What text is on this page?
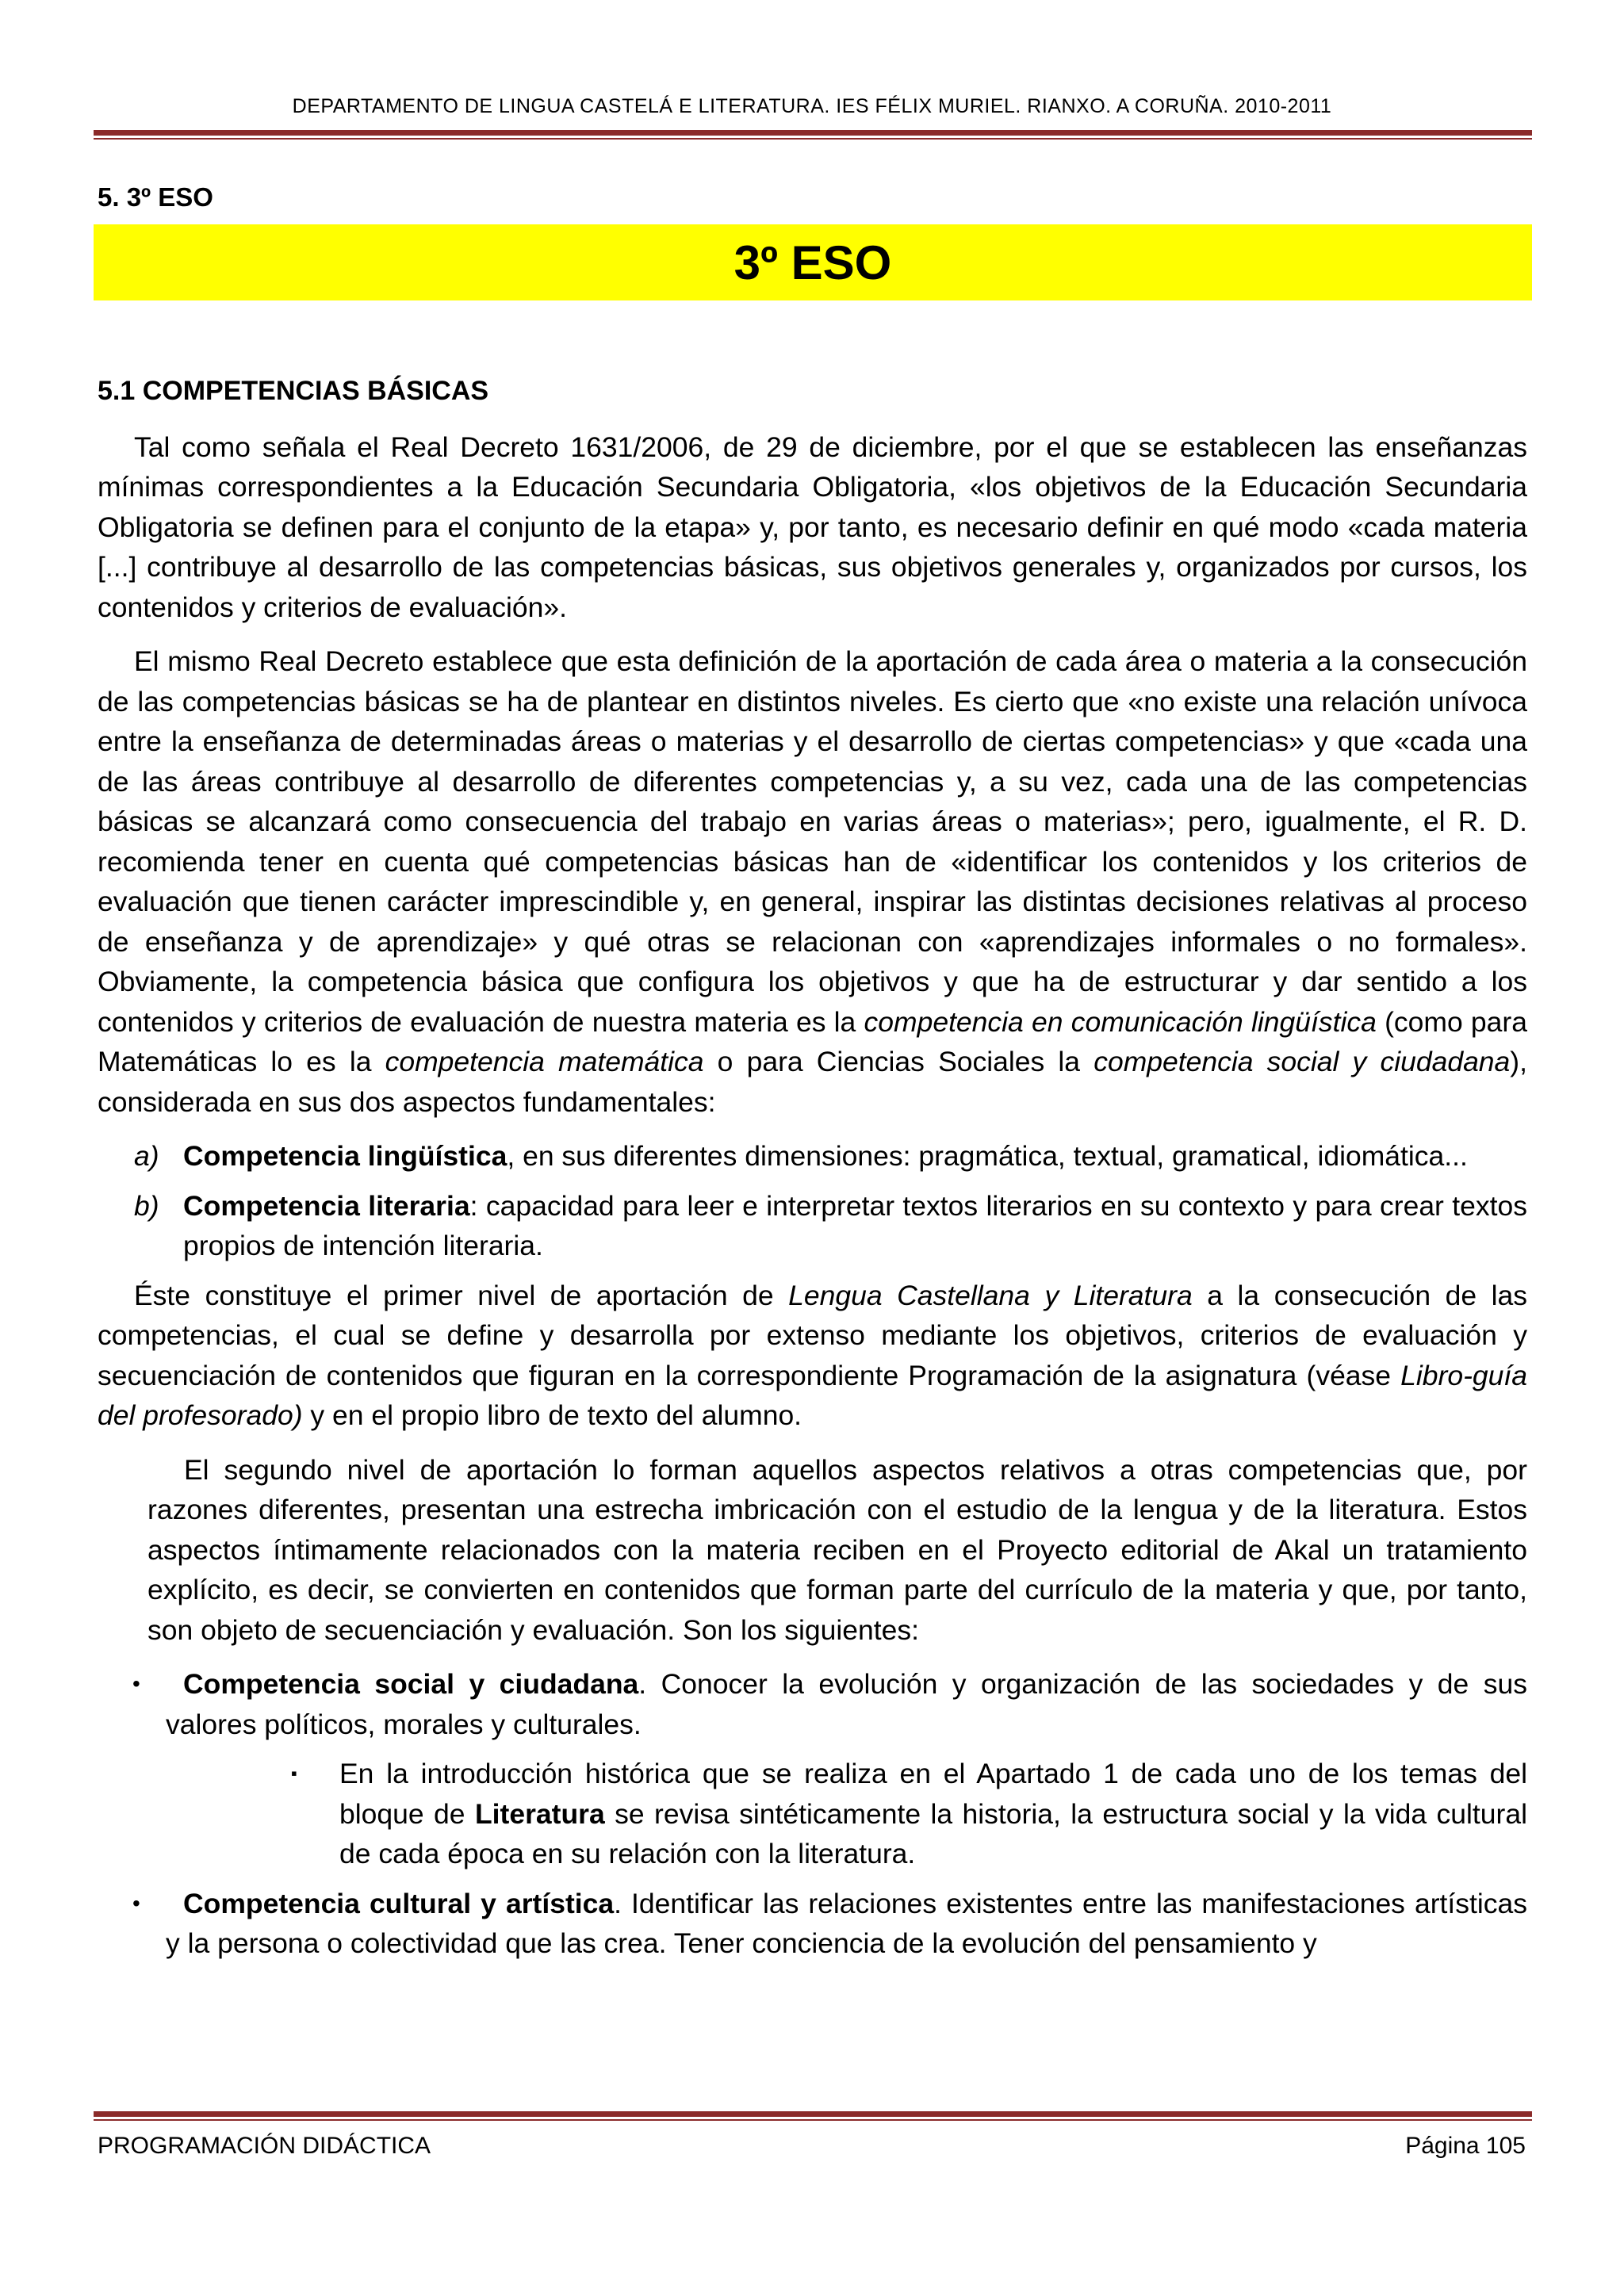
DEPARTAMENTO DE LINGUA CASTELÁ E LITERATURA. IES FÉLIX MURIEL. RIANXO. A CORUÑA. 2010-2011
5. 3º ESO
3º ESO
5.1 COMPETENCIAS BÁSICAS

Tal como señala el Real Decreto 1631/2006, de 29 de diciembre, por el que se establecen las enseñanzas mínimas correspondientes a la Educación Secundaria Obligatoria, «los objetivos de la Educación Secundaria Obligatoria se definen para el conjunto de la etapa» y, por tanto, es necesario definir en qué modo «cada materia [...] contribuye al desarrollo de las competencias básicas, sus objetivos generales y, organizados por cursos, los contenidos y criterios de evaluación».

El mismo Real Decreto establece que esta definición de la aportación de cada área o materia a la consecución de las competencias básicas se ha de plantear en distintos niveles. Es cierto que «no existe una relación unívoca entre la enseñanza de determinadas áreas o materias y el desarrollo de ciertas competencias» y que «cada una de las áreas contribuye al desarrollo de diferentes competencias y, a su vez, cada una de las competencias básicas se alcanzará como consecuencia del trabajo en varias áreas o materias»; pero, igualmente, el R. D. recomienda tener en cuenta qué competencias básicas han de «identificar los contenidos y los criterios de evaluación que tienen carácter imprescindible y, en general, inspirar las distintas decisiones relativas al proceso de enseñanza y de aprendizaje» y qué otras se relacionan con «aprendizajes informales o no formales». Obviamente, la competencia básica que configura los objetivos y que ha de estructurar y dar sentido a los contenidos y criterios de evaluación de nuestra materia es la competencia en comunicación lingüística (como para Matemáticas lo es la competencia matemática o para Ciencias Sociales la competencia social y ciudadana), considerada en sus dos aspectos fundamentales:

a) Competencia lingüística, en sus diferentes dimensiones: pragmática, textual, gramatical, idiomática...
b) Competencia literaria: capacidad para leer e interpretar textos literarios en su contexto y para crear textos propios de intención literaria.

Éste constituye el primer nivel de aportación de Lengua Castellana y Literatura a la consecución de las competencias, el cual se define y desarrolla por extenso mediante los objetivos, criterios de evaluación y secuenciación de contenidos que figuran en la correspondiente Programación de la asignatura (véase Libro-guía del profesorado) y en el propio libro de texto del alumno.

El segundo nivel de aportación lo forman aquellos aspectos relativos a otras competencias que, por razones diferentes, presentan una estrecha imbricación con el estudio de la lengua y de la literatura. Estos aspectos íntimamente relacionados con la materia reciben en el Proyecto editorial de Akal un tratamiento explícito, es decir, se convierten en contenidos que forman parte del currículo de la materia y que, por tanto, son objeto de secuenciación y evaluación. Son los siguientes:

• Competencia social y ciudadana. Conocer la evolución y organización de las sociedades y de sus valores políticos, morales y culturales.
▪ En la introducción histórica que se realiza en el Apartado 1 de cada uno de los temas del bloque de Literatura se revisa sintéticamente la historia, la estructura social y la vida cultural de cada época en su relación con la literatura.
• Competencia cultural y artística. Identificar las relaciones existentes entre las manifestaciones artísticas y la persona o colectividad que las crea. Tener conciencia de la evolución del pensamiento y
PROGRAMACIÓN DIDÁCTICA	Página 105
